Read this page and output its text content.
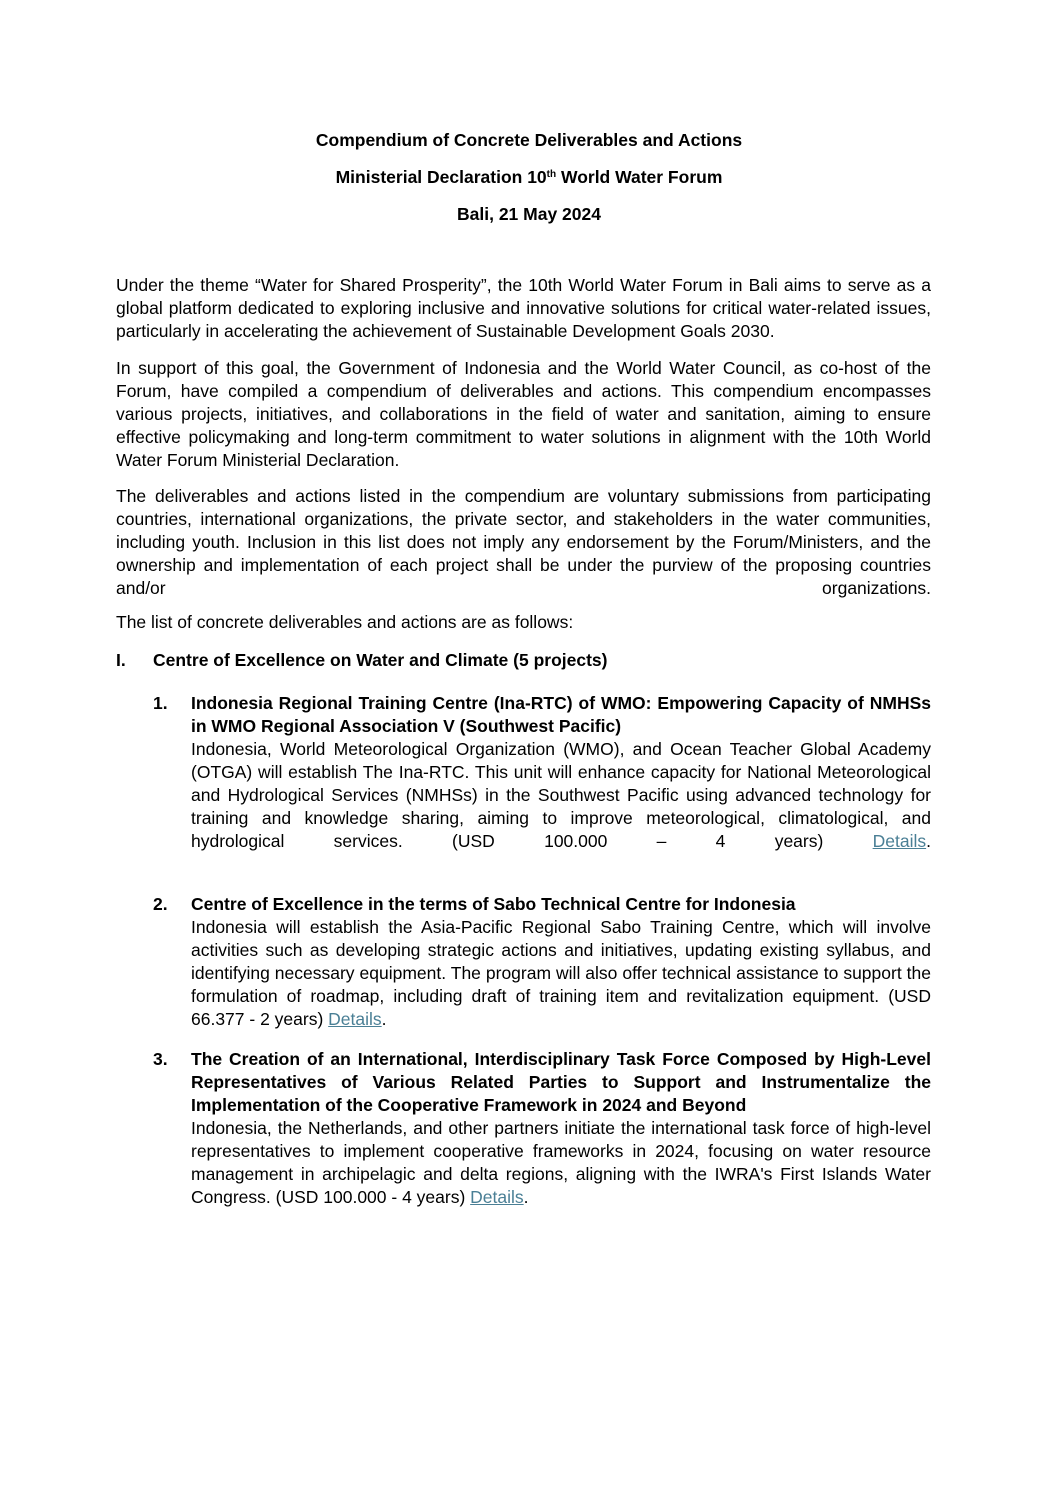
Compendium of Concrete Deliverables and Actions
Ministerial Declaration 10th World Water Forum
Bali, 21 May 2024
Under the theme “Water for Shared Prosperity”, the 10th World Water Forum in Bali aims to serve as a global platform dedicated to exploring inclusive and innovative solutions for critical water-related issues, particularly in accelerating the achievement of Sustainable Development Goals 2030.
In support of this goal, the Government of Indonesia and the World Water Council, as co-host of the Forum, have compiled a compendium of deliverables and actions. This compendium encompasses various projects, initiatives, and collaborations in the field of water and sanitation, aiming to ensure effective policymaking and long-term commitment to water solutions in alignment with the 10th World Water Forum Ministerial Declaration.
The deliverables and actions listed in the compendium are voluntary submissions from participating countries, international organizations, the private sector, and stakeholders in the water communities, including youth. Inclusion in this list does not imply any endorsement by the Forum/Ministers, and the ownership and implementation of each project shall be under the purview of the proposing countries and/or organizations.
The list of concrete deliverables and actions are as follows:
I. Centre of Excellence on Water and Climate (5 projects)
1. Indonesia Regional Training Centre (Ina-RTC) of WMO: Empowering Capacity of NMHSs in WMO Regional Association V (Southwest Pacific)
Indonesia, World Meteorological Organization (WMO), and Ocean Teacher Global Academy (OTGA) will establish The Ina-RTC. This unit will enhance capacity for National Meteorological and Hydrological Services (NMHSs) in the Southwest Pacific using advanced technology for training and knowledge sharing, aiming to improve meteorological, climatological, and hydrological services. (USD 100.000 – 4 years) Details.
2. Centre of Excellence in the terms of Sabo Technical Centre for Indonesia
Indonesia will establish the Asia-Pacific Regional Sabo Training Centre, which will involve activities such as developing strategic actions and initiatives, updating existing syllabus, and identifying necessary equipment. The program will also offer technical assistance to support the formulation of roadmap, including draft of training item and revitalization equipment. (USD 66.377 - 2 years) Details.
3. The Creation of an International, Interdisciplinary Task Force Composed by High-Level Representatives of Various Related Parties to Support and Instrumentalize the Implementation of the Cooperative Framework in 2024 and Beyond
Indonesia, the Netherlands, and other partners initiate the international task force of high-level representatives to implement cooperative frameworks in 2024, focusing on water resource management in archipelagic and delta regions, aligning with the IWRA's First Islands Water Congress. (USD 100.000 - 4 years) Details.
